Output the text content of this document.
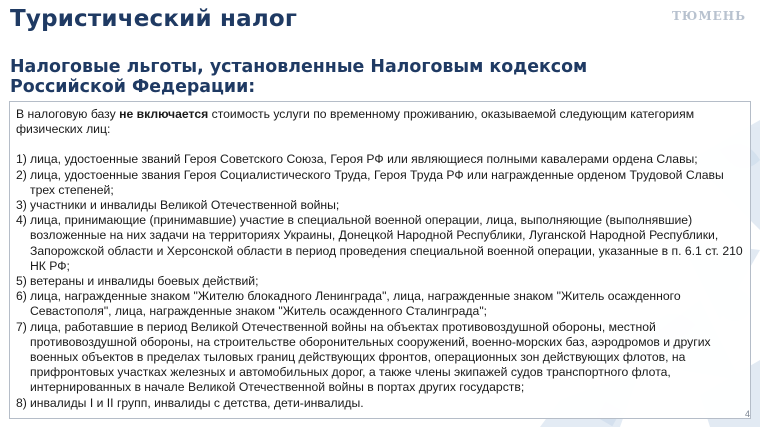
Туристический налог	ТЮМЕНЬ
Налоговые льготы, установленные Налоговым кодексом Российской Федерации:

В налоговую базу не включается стоимость услуги по временному проживанию, оказываемой следующим категориям физических лиц:

1) лица, удостоенные званий Героя Советского Союза, Героя РФ или являющиеся полными кавалерами ордена Славы;
2) лица, удостоенные звания Героя Социалистического Труда, Героя Труда РФ или награжденные орденом Трудовой Славы трех степеней;
3) участники и инвалиды Великой Отечественной войны;
4) лица, принимающие (принимавшие) участие в специальной военной операции, лица, выполняющие (выполнявшие) возложенные на них задачи на территориях Украины, Донецкой Народной Республики, Луганской Народной Республики, Запорожской области и Херсонской области в период проведения специальной военной операции, указанные в п. 6.1 ст. 210 НК РФ;
5) ветераны и инвалиды боевых действий;
6) лица, награжденные знаком "Жителю блокадного Ленинграда", лица, награжденные знаком "Житель осажденного Севастополя", лица, награжденные знаком "Житель осажденного Сталинграда";
7) лица, работавшие в период Великой Отечественной войны на объектах противовоздушной обороны, местной противовоздушной обороны, на строительстве оборонительных сооружений, военно-морских баз, аэродромов и других военных объектов в пределах тыловых границ действующих фронтов, операционных зон действующих флотов, на прифронтовых участках железных и автомобильных дорог, а также члены экипажей судов транспортного флота, интернированных в начале Великой Отечественной войны в портах других государств;
8) инвалиды I и II групп, инвалиды с детства, дети-инвалиды.
4
